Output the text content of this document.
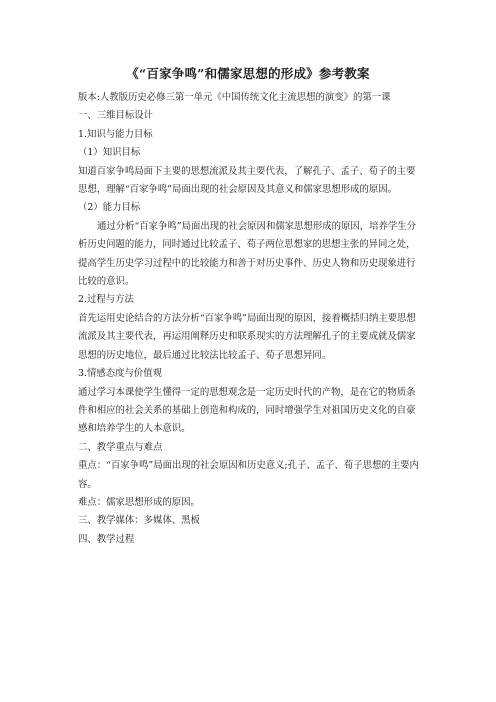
《“百家争鸣”和儒家思想的形成》参考教案

版本:人教版历史必修三第一单元《中国传统文化主流思想的演变》的第一课

一、三维目标设计

1.知识与能力目标

（1）知识目标

知道百家争鸣局面下主要的思想流派及其主要代表，了解孔子、孟子、荀子的主要思想，理解“百家争鸣”局面出现的社会原因及其意义和儒家思想形成的原因。

（2）能力目标

通过分析“百家争鸣”局面出现的社会原因和儒家思想形成的原因，培养学生分析历史问题的能力，同时通过比较孟子、荀子两位思想家的思想主张的异同之处，提高学生历史学习过程中的比较能力和善于对历史事件、历史人物和历史现象进行比较的意识。

2.过程与方法

首先运用史论结合的方法分析“百家争鸣”局面出现的原因，接着概括归纳主要思想流派及其主要代表，再运用阐释历史和联系现实的方法理解孔子的主要成就及儒家思想的历史地位，最后通过比较法比较孟子、荀子思想异同。

3.情感态度与价值观

通过学习本课使学生懂得一定的思想观念是一定历史时代的产物，是在它的物质条件和相应的社会关系的基础上创造和构成的，同时增强学生对祖国历史文化的自豪感和培养学生的人本意识。

二、教学重点与难点

重点：“百家争鸣”局面出现的社会原因和历史意义;孔子、孟子、荀子思想的主要内容。

难点：儒家思想形成的原因。

三、教学媒体：多媒体、黑板

四、教学过程
